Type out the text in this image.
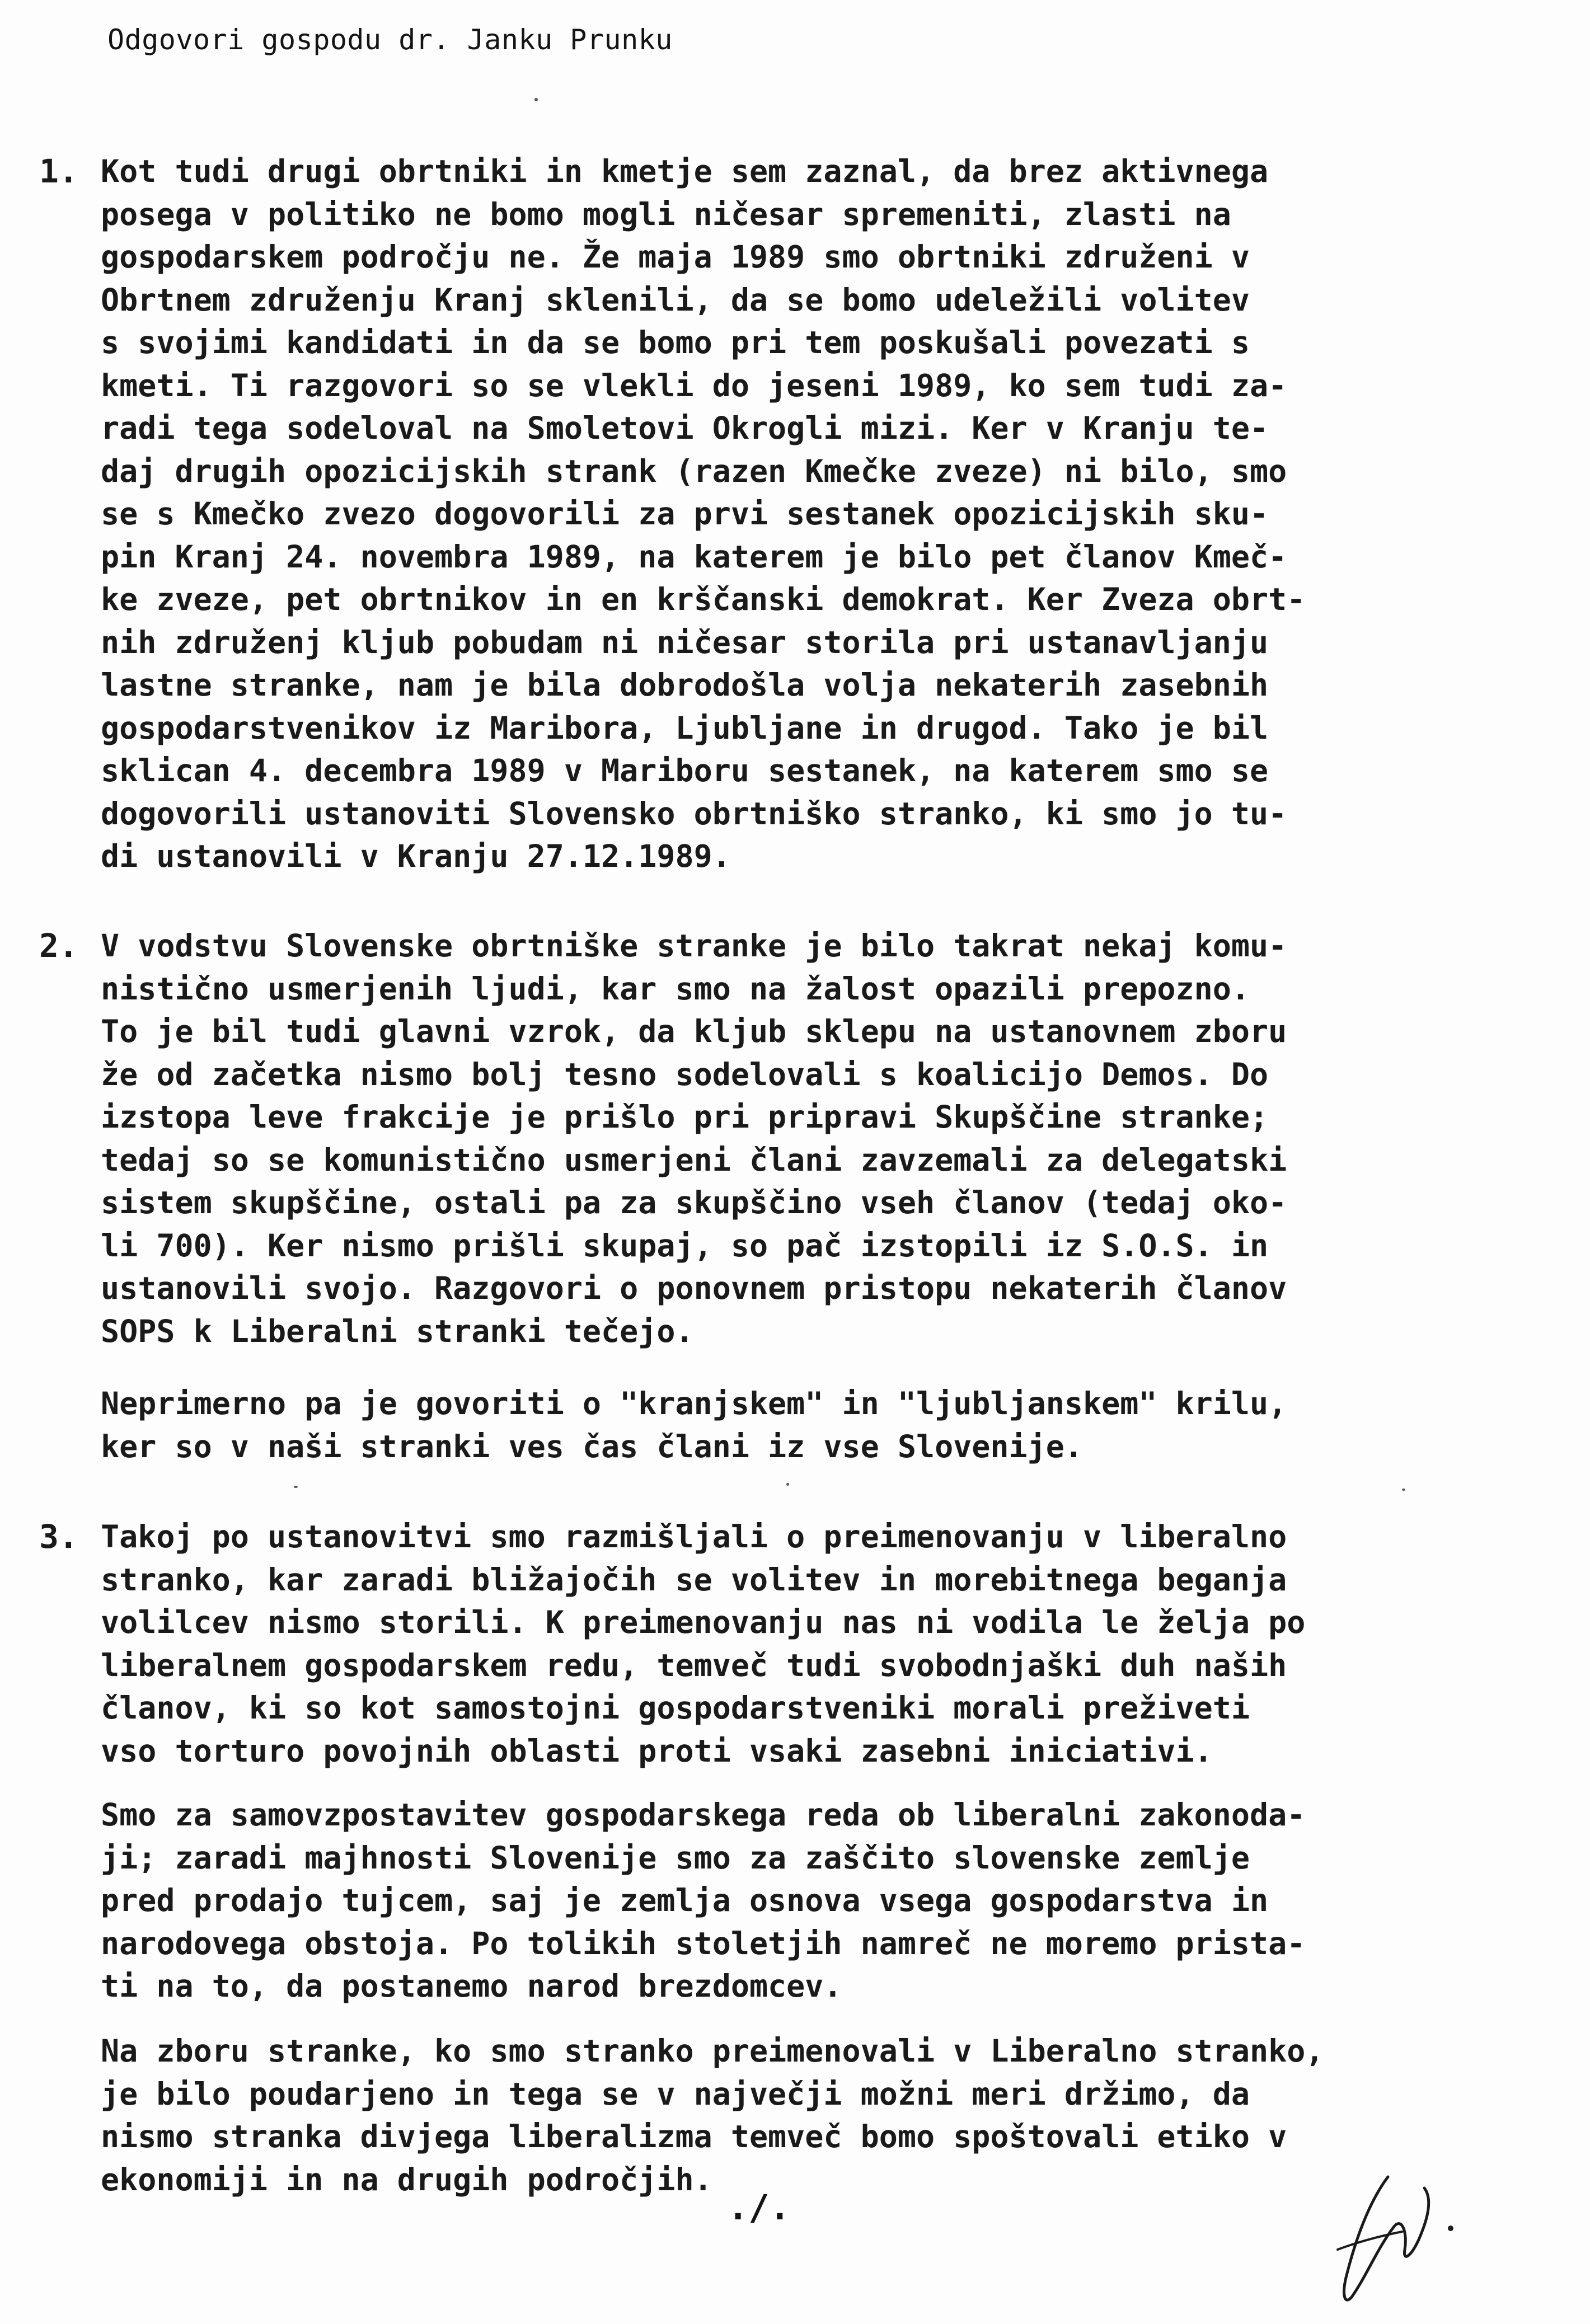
Odgovori gospodu dr. Janku Prunku
1. Kot tudi drugi obrtniki in kmetje sem zaznal, da brez aktivnega
posega v politiko ne bomo mogli ničesar spremeniti, zlasti na
gospodarskem področju ne. Že maja 1989 smo obrtniki združeni v
Obrtnem združenju Kranj sklenili, da se bomo udeležili volitev
s svojimi kandidati in da se bomo pri tem poskušali povezati s
kmeti. Ti razgovori so se vlekli do jeseni 1989, ko sem tudi za-
radi tega sodeloval na Smoletovi Okrogli mizi. Ker v Kranju te-
daj drugih opozicijskih strank (razen Kmečke zveze) ni bilo, smo
se s Kmečko zvezo dogovorili za prvi sestanek opozicijskih sku-
pin Kranj 24. novembra 1989, na katerem je bilo pet članov Kmeč-
ke zveze, pet obrtnikov in en krščanski demokrat. Ker Zveza obrt-
nih združenj kljub pobudam ni ničesar storila pri ustanavljanju
lastne stranke, nam je bila dobrodošla volja nekaterih zasebnih
gospodarstvenikov iz Maribora, Ljubljane in drugod. Tako je bil
sklican 4. decembra 1989 v Mariboru sestanek, na katerem smo se
dogovorili ustanoviti Slovensko obrtniško stranko, ki smo jo tu-
di ustanovili v Kranju 27.12.1989.
2. V vodstvu Slovenske obrtniške stranke je bilo takrat nekaj komu-
nistično usmerjenih ljudi, kar smo na žalost opazili prepozno.
To je bil tudi glavni vzrok, da kljub sklepu na ustanovnem zboru
že od začetka nismo bolj tesno sodelovali s koalicijo Demos. Do
izstopa leve frakcije je prišlo pri pripravi Skupščine stranke;
tedaj so se komunistično usmerjeni člani zavzemali za delegatski
sistem skupščine, ostali pa za skupščino vseh članov (tedaj oko-
li 700). Ker nismo prišli skupaj, so pač izstopili iz S.O.S. in
ustanovili svojo. Razgovori o ponovnem pristopu nekaterih članov
SOPS k Liberalni stranki tečejo.
Neprimerno pa je govoriti o "kranjskem" in "ljubljanskem" krilu,
ker so v naši stranki ves čas člani iz vse Slovenije.
3. Takoj po ustanovitvi smo razmišljali o preimenovanju v liberalno
stranko, kar zaradi bližajočih se volitev in morebitnega beganja
volilcev nismo storili. K preimenovanju nas ni vodila le želja po
liberalnem gospodarskem redu, temveč tudi svobodnjaški duh naših
članov, ki so kot samostojni gospodarstveniki morali preživeti
vso torturo povojnih oblasti proti vsaki zasebni iniciativi.
Smo za samovzpostavitev gospodarskega reda ob liberalni zakonoda-
ji; zaradi majhnosti Slovenije smo za zaščito slovenske zemlje
pred prodajo tujcem, saj je zemlja osnova vsega gospodarstva in
narodovega obstoja. Po tolikih stoletjih namreč ne moremo prista-
ti na to, da postanemo narod brezdomcev.
Na zboru stranke, ko smo stranko preimenovali v Liberalno stranko,
je bilo poudarjeno in tega se v največji možni meri držimo, da
nismo stranka divjega liberalizma temveč bomo spoštovali etiko v
ekonomiji in na drugih področjih.
./.
